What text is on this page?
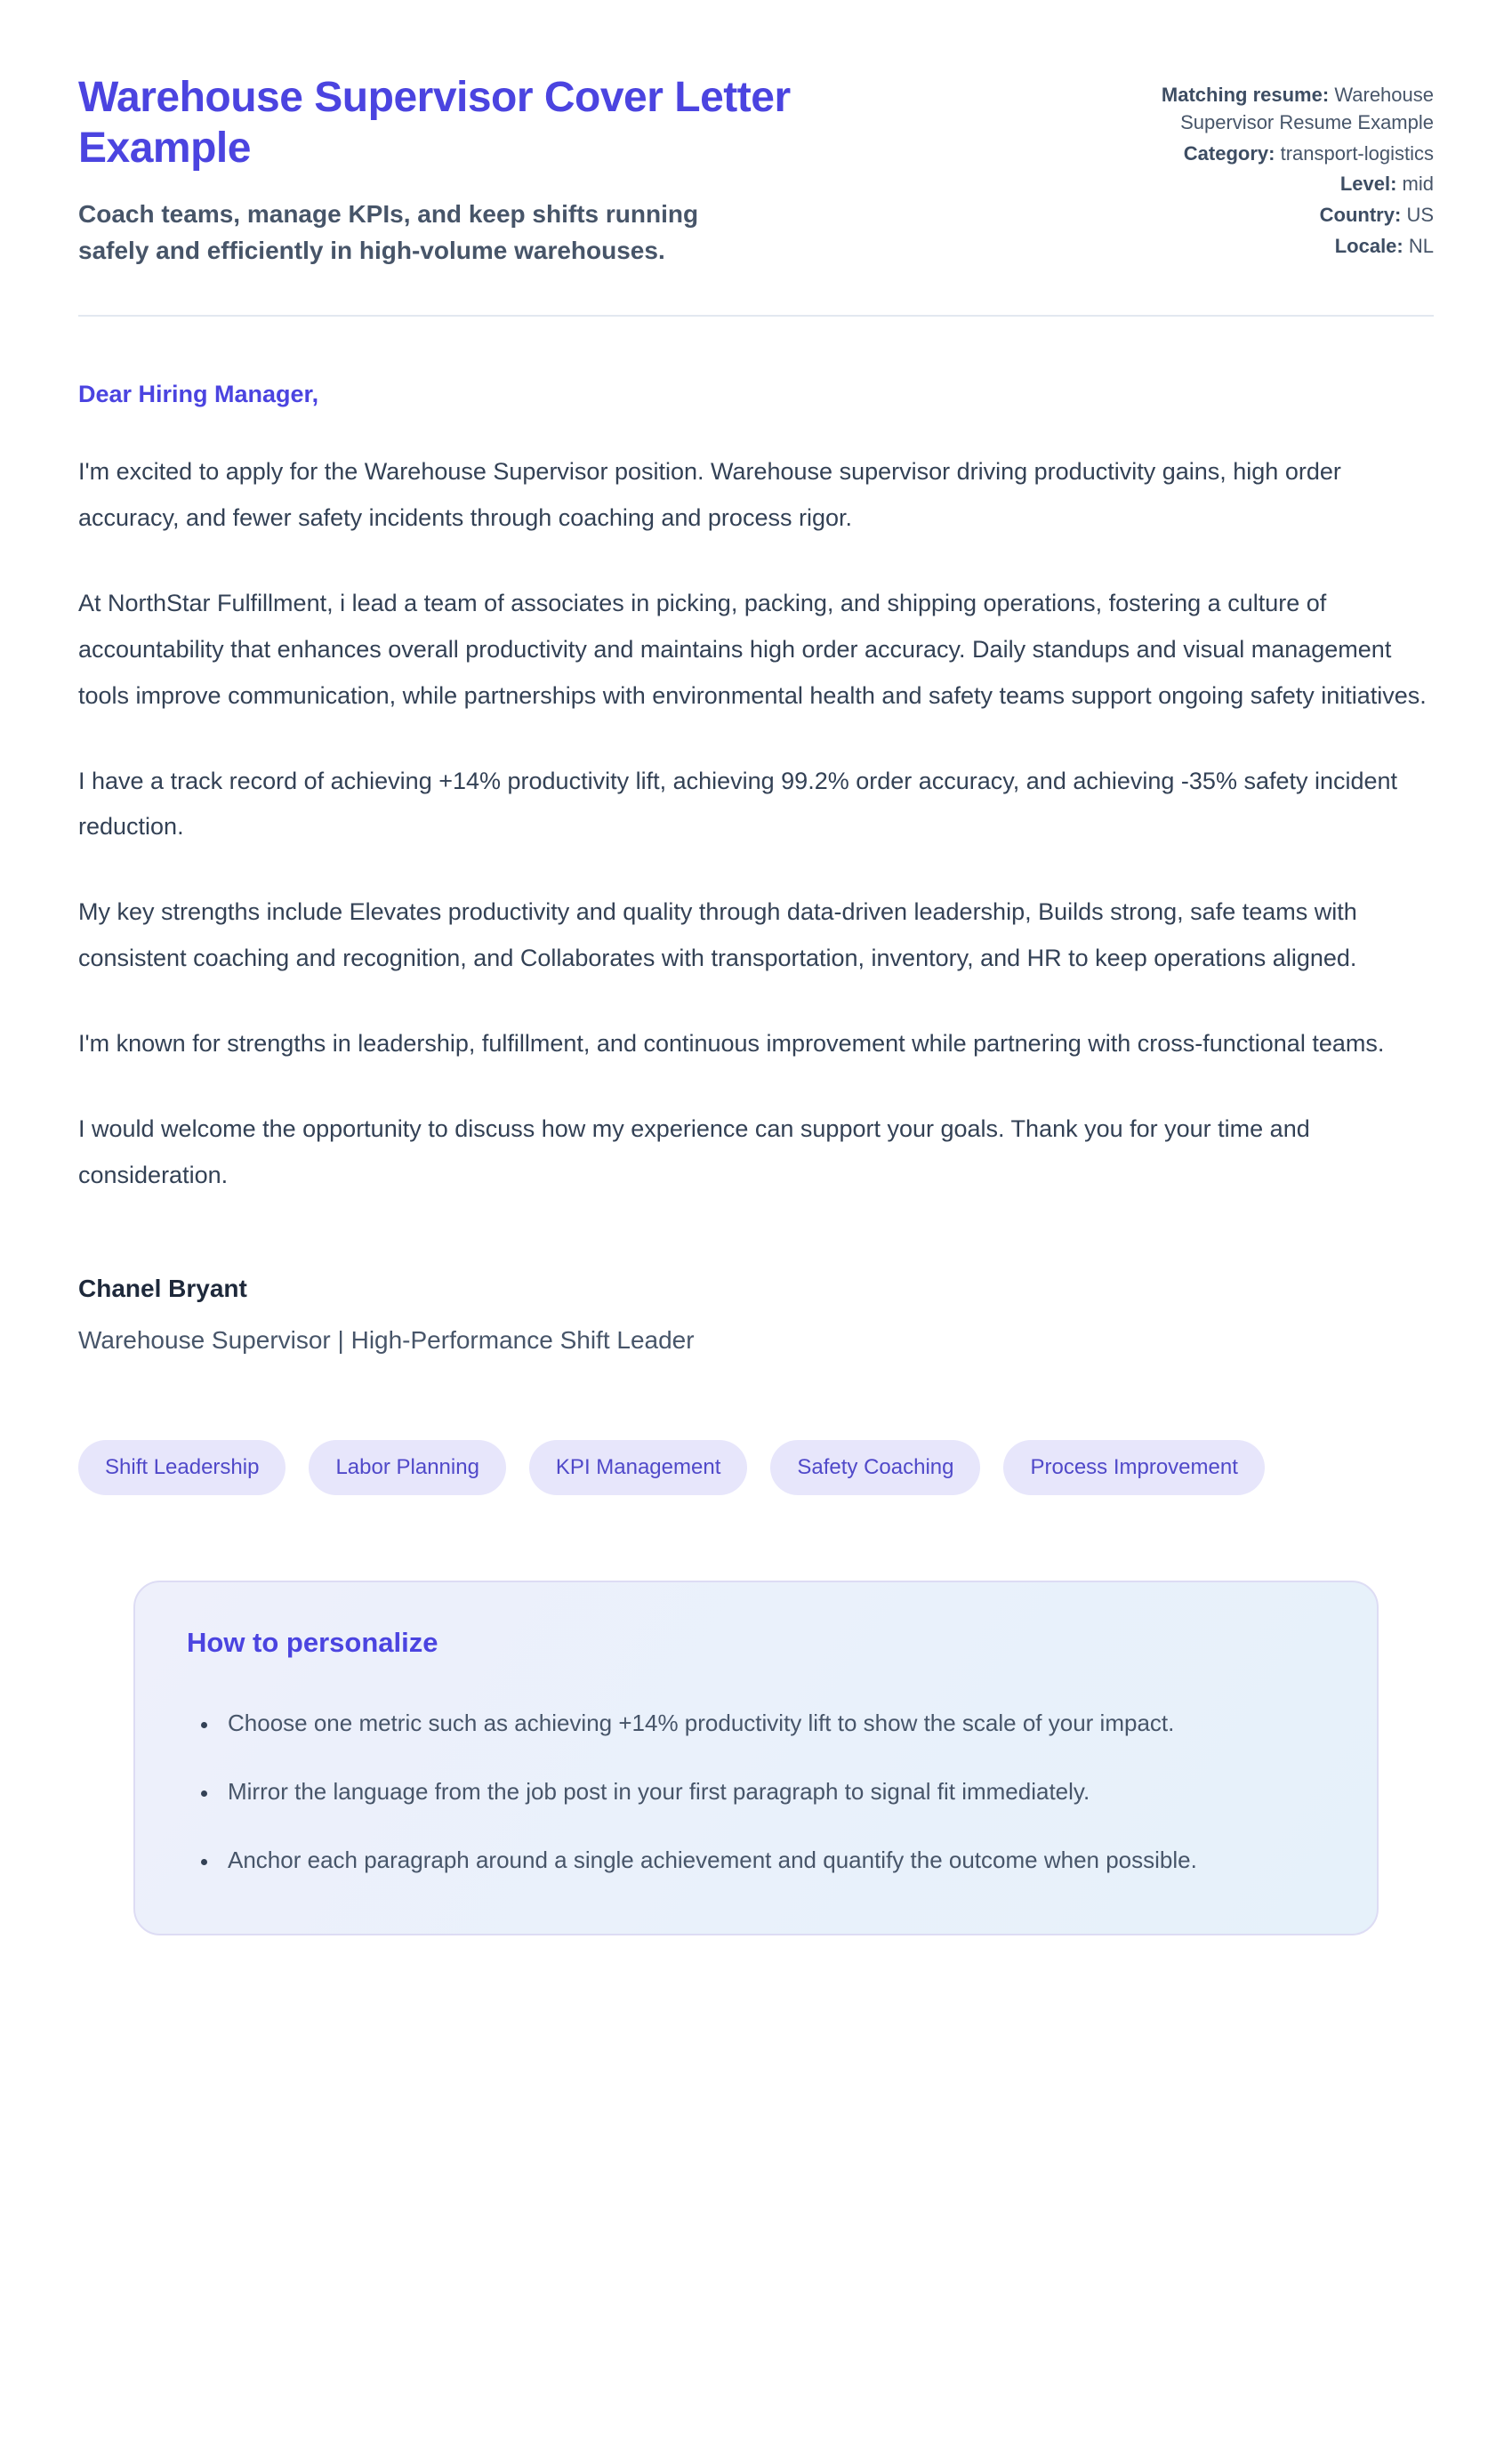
Warehouse Supervisor Cover Letter Example
Coach teams, manage KPIs, and keep shifts running safely and efficiently in high-volume warehouses.
Matching resume: Warehouse Supervisor Resume Example
Category: transport-logistics
Level: mid
Country: US
Locale: NL
Dear Hiring Manager,

I'm excited to apply for the Warehouse Supervisor position. Warehouse supervisor driving productivity gains, high order accuracy, and fewer safety incidents through coaching and process rigor.

At NorthStar Fulfillment, i lead a team of associates in picking, packing, and shipping operations, fostering a culture of accountability that enhances overall productivity and maintains high order accuracy. Daily standups and visual management tools improve communication, while partnerships with environmental health and safety teams support ongoing safety initiatives.

I have a track record of achieving +14% productivity lift, achieving 99.2% order accuracy, and achieving -35% safety incident reduction.

My key strengths include Elevates productivity and quality through data-driven leadership, Builds strong, safe teams with consistent coaching and recognition, and Collaborates with transportation, inventory, and HR to keep operations aligned.

I'm known for strengths in leadership, fulfillment, and continuous improvement while partnering with cross-functional teams.

I would welcome the opportunity to discuss how my experience can support your goals. Thank you for your time and consideration.

Chanel Bryant
Warehouse Supervisor | High-Performance Shift Leader
Shift Leadership	Labor Planning	KPI Management	Safety Coaching	Process Improvement
How to personalize
• Choose one metric such as achieving +14% productivity lift to show the scale of your impact.
• Mirror the language from the job post in your first paragraph to signal fit immediately.
• Anchor each paragraph around a single achievement and quantify the outcome when possible.
